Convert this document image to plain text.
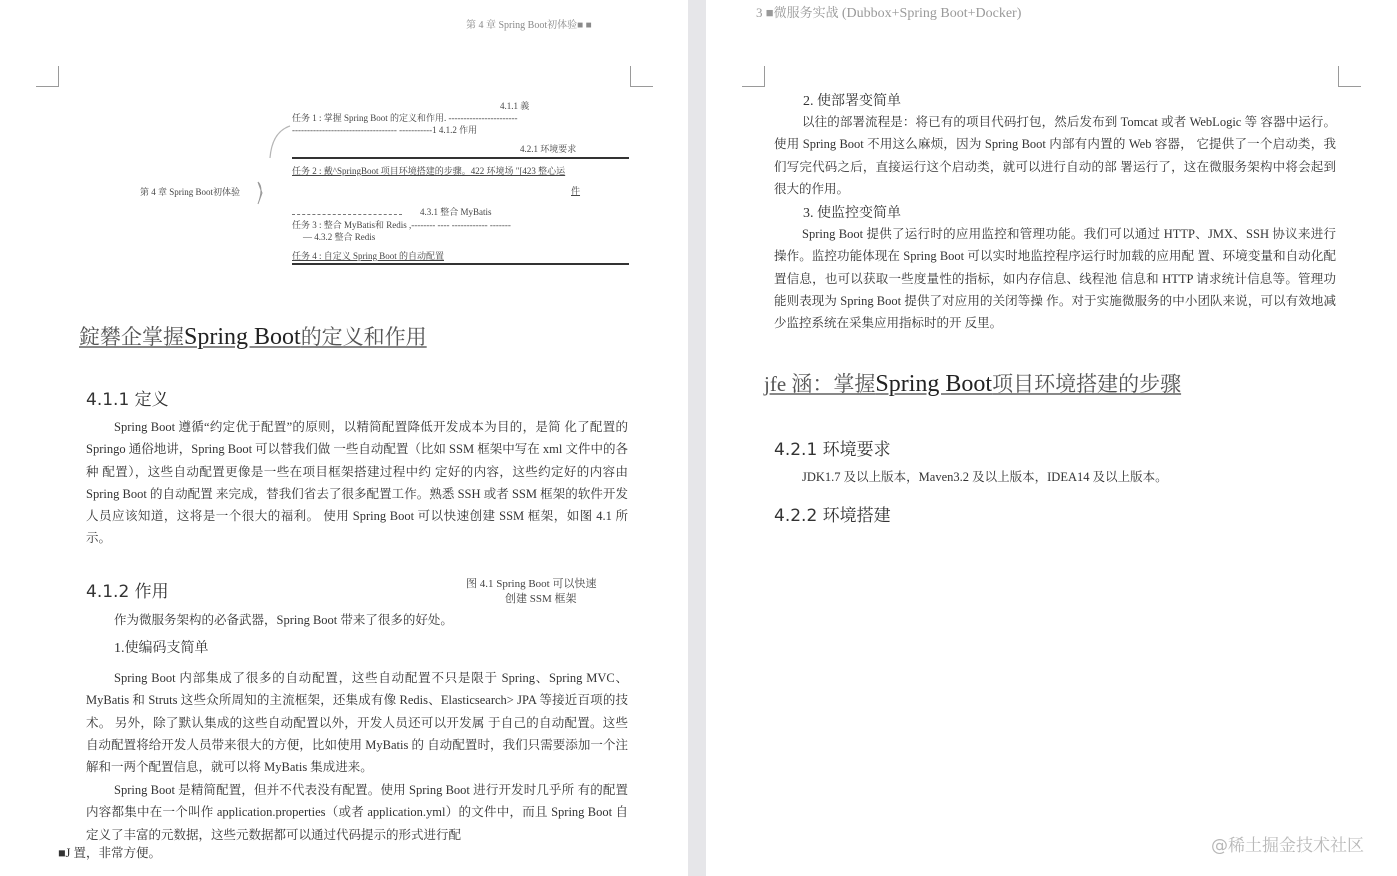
第 4 章 Spring Boot初体验■ ■
第 4 章 Spring Boot初体验
4.1.1 義
任务 1 : 掌握 Spring Boot 的定义和作用. -----------------------
----------------------------------- -----------1 4.1.2 作用
4.2.1 环境要求
任务 2 : 戴^SpringBoot 项目环境搭建的步骤。422 环境场 "[423 整心运
件
4.3.1 整合 MyBatis
任务 3 : 整合 MyBatis和 Redis ,-------- ---- ------------ -------
— 4.3.2 整合 Redis
任务 4 : 自定义 Spring Boot 的自动配置
錠礬企掌握Spring Boot的定义和作用
4.1.1 定义
Spring Boot 遵循“约定优于配置”的原则，以精简配置降低开发成本为目的，是简 化了配置的 Springo 通俗地讲，Spring Boot 可以替我们做 一些自动配置（比如 SSM 框架中写在 xml 文件中的各种 配置），这些自动配置更像是一些在项目框架搭建过程中约 定好的内容，这些约定好的内容由 Spring Boot 的自动配置 来完成，替我们省去了很多配置工作。熟悉 SSH 或者 SSM 框架的软件开发人员应该知道，这将是一个很大的福利。 使用 Spring Boot 可以快速创建 SSM 框架，如图 4.1 所示。
4.1.2 作用	图 4.1 Spring Boot 可以快速
创建 SSM 框架
作为微服务架构的必备武器，Spring Boot 带来了很多的好处。
1.使编码支简单
Spring Boot 内部集成了很多的自动配置，这些自动配置不只是限于 Spring、Spring MVC、MyBatis 和 Struts 这些众所周知的主流框架，还集成有像 Redis、Elasticsearch> JPA 等接近百项的技术。 另外，除了默认集成的这些自动配置以外，开发人员还可以开发属 于自己的自动配置。这些自动配置将给开发人员带来很大的方便，比如使用 MyBatis 的 自动配置时，我们只需要添加一个注解和一两个配置信息，就可以将 MyBatis 集成进来。
Spring Boot 是精简配置，但并不代表没有配置。使用 Spring Boot 进行开发时几乎所 有的配置内容都集中在一个叫作 application.properties（或者 application.yml）的文件中，而且 Spring Boot 自定义了丰富的元数据，这些元数据都可以通过代码提示的形式进行配
■J 置，非常方便。
3 ■微服务实战 (Dubbox+Spring Boot+Docker)
2. 使部署变简单
以往的部署流程是：将已有的项目代码打包，然后发布到 Tomcat 或者 WebLogic 等 容器中运行。使用 Spring Boot 不用这么麻烦，因为 Spring Boot 内部有内置的 Web 容器， 它提供了一个启动类，我们写完代码之后，直接运行这个启动类，就可以进行自动的部 署运行了，这在微服务架构中将会起到很大的作用。
3. 使监控变简单
Spring Boot 提供了运行时的应用监控和管理功能。我们可以通过 HTTP、JMX、SSH 协议来进行操作。监控功能体现在 Spring Boot 可以实时地监控程序运行时加载的应用配 置、环境变量和自动化配置信息，也可以获取一些度量性的指标，如内存信息、线程池 信息和 HTTP 请求统计信息等。管理功能则表现为 Spring Boot 提供了对应用的关闭等操 作。对于实施微服务的中小团队来说，可以有效地减少监控系统在采集应用指标时的开 反里。
jfe 涵：掌握Spring Boot项目环境搭建的步骤
4.2.1 环境要求
JDK1.7 及以上版本，Maven3.2 及以上版本，IDEA14 及以上版本。
4.2.2 环境搭建
@稀土掘金技术社区
